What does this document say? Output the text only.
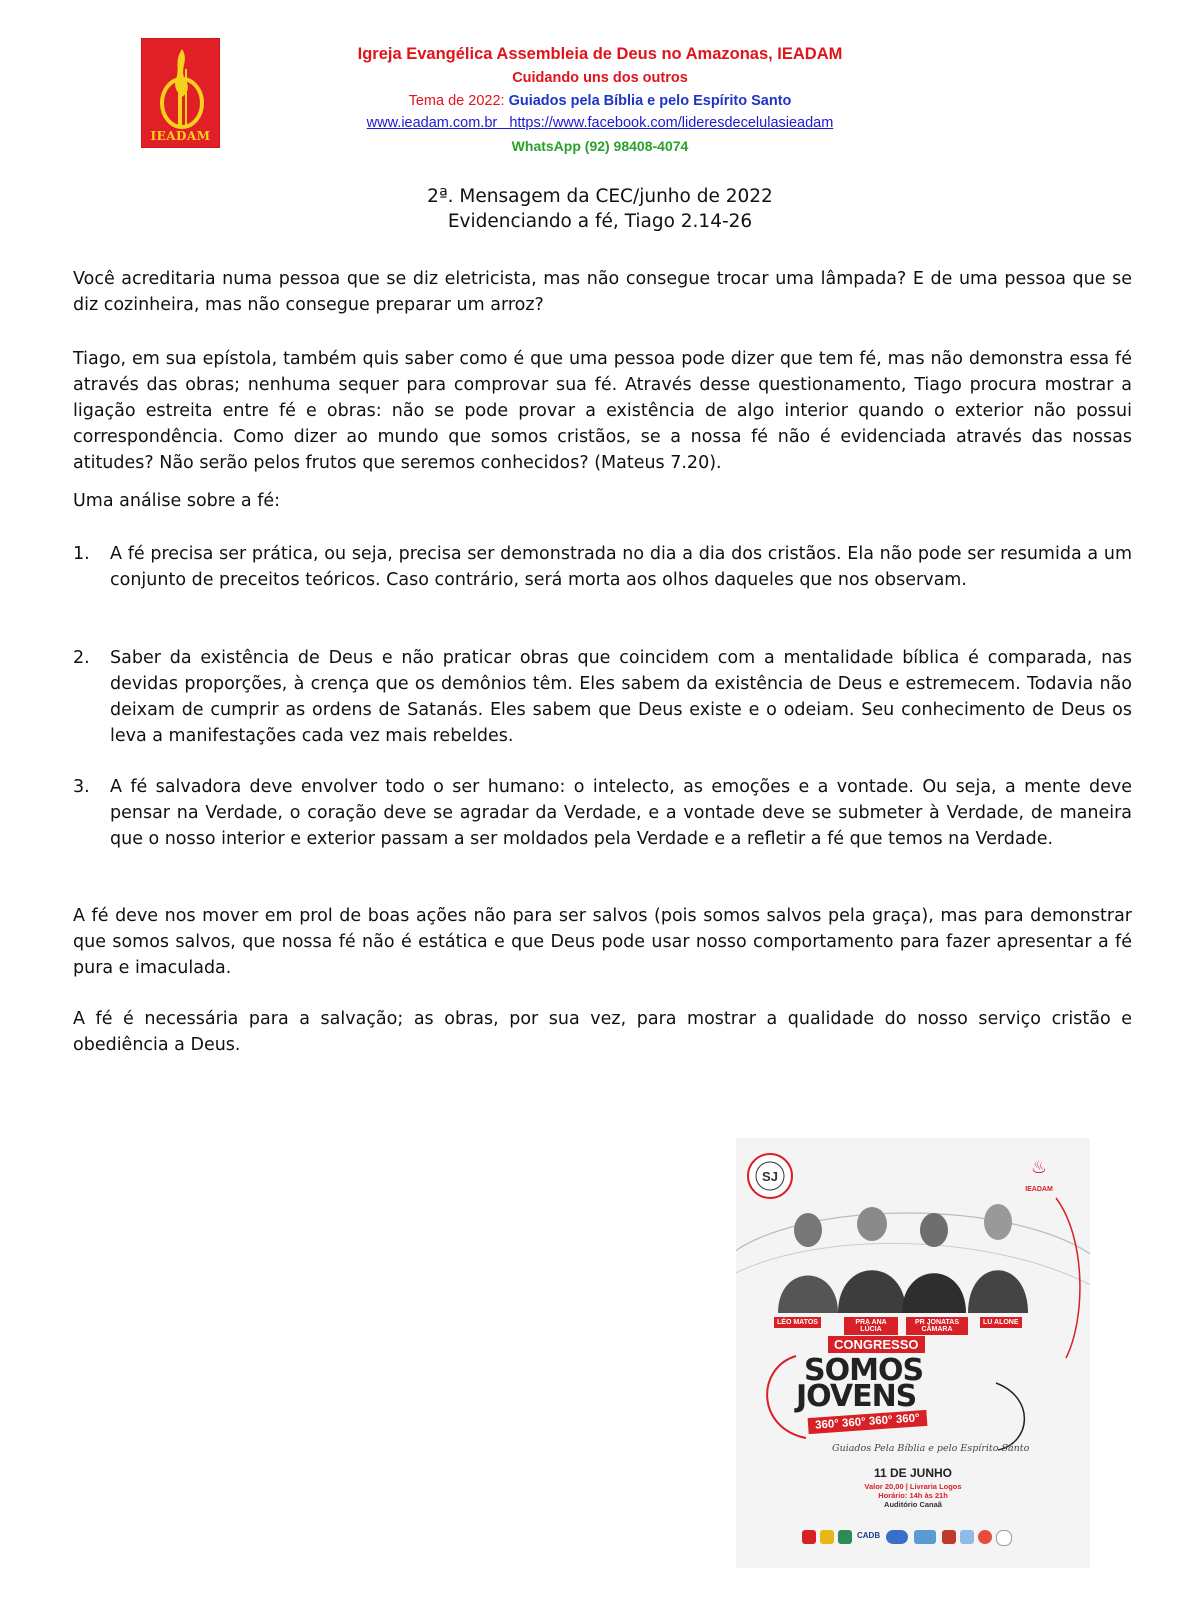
IEADAM
Igreja Evangélica Assembleia de Deus no Amazonas, IEADAM
Cuidando uns dos outros
Tema de 2022: Guiados pela Bíblia e pelo Espírito Santo
www.ieadam.com.br https://www.facebook.com/lideresdecelulasieadam
WhatsApp (92) 98408-4074
2ª. Mensagem da CEC/junho de 2022
Evidenciando a fé, Tiago 2.14-26
Você acreditaria numa pessoa que se diz eletricista, mas não consegue trocar uma lâmpada? E de uma pessoa que se diz cozinheira, mas não consegue preparar um arroz?
Tiago, em sua epístola, também quis saber como é que uma pessoa pode dizer que tem fé, mas não demonstra essa fé através das obras; nenhuma sequer para comprovar sua fé. Através desse questionamento, Tiago procura mostrar a ligação estreita entre fé e obras: não se pode provar a existência de algo interior quando o exterior não possui correspondência. Como dizer ao mundo que somos cristãos, se a nossa fé não é evidenciada através das nossas atitudes? Não serão pelos frutos que seremos conhecidos? (Mateus 7.20).
Uma análise sobre a fé:
1.	A fé precisa ser prática, ou seja, precisa ser demonstrada no dia a dia dos cristãos. Ela não pode ser resumida a um conjunto de preceitos teóricos. Caso contrário, será morta aos olhos daqueles que nos observam.
2.	Saber da existência de Deus e não praticar obras que coincidem com a mentalidade bíblica é comparada, nas devidas proporções, à crença que os demônios têm. Eles sabem da existência de Deus e estremecem. Todavia não deixam de cumprir as ordens de Satanás. Eles sabem que Deus existe e o odeiam. Seu conhecimento de Deus os leva a manifestações cada vez mais rebeldes.
3.	A fé salvadora deve envolver todo o ser humano: o intelecto, as emoções e a vontade. Ou seja, a mente deve pensar na Verdade, o coração deve se agradar da Verdade, e a vontade deve se submeter à Verdade, de maneira que o nosso interior e exterior passam a ser moldados pela Verdade e a refletir a fé que temos na Verdade.
A fé deve nos mover em prol de boas ações não para ser salvos (pois somos salvos pela graça), mas para demonstrar que somos salvos, que nossa fé não é estática e que Deus pode usar nosso comportamento para fazer apresentar a fé pura e imaculada.
A fé é necessária para a salvação; as obras, por sua vez, para mostrar a qualidade do nosso serviço cristão e obediência a Deus.
SJ	♨
IEADAM
LÉO MATOS	PRA ANA LÚCIA
PR JONATAS CÂMARA
LU ALONE
CONGRESSO
SOMOS
JOVENS
360° 360° 360° 360°
Guiados Pela Bíblia e pelo Espírito Santo
11 DE JUNHO
Valor 20,00 | Livraria Logos
Horário: 14h às 21h
Auditório Canaã
CADB
